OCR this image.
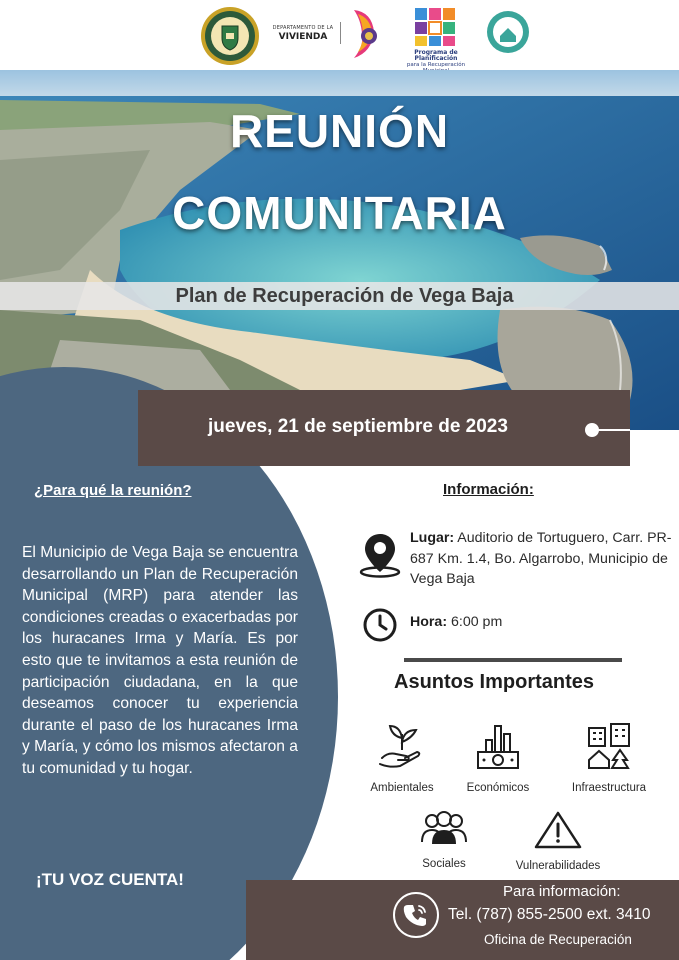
DEPARTAMENTO DE LA
VIVIENDA
Programa de Planificación
para la Recuperación
REUNIÓN
COMUNITARIA
Plan de Recuperación de Vega Baja
jueves, 21 de septiembre de 2023
¿Para qué la reunión?
El Municipio de Vega Baja se encuentra desarrollando un Plan de Recuperación Municipal (MRP) para atender las condiciones creadas o exacerbadas por los huracanes Irma y María. Es por esto que te invitamos a esta reunión de participación ciudadana, en la que deseamos conocer tu experiencia durante el paso de los huracanes Irma y María, y cómo los mismos afectaron a tu comunidad y tu hogar.
¡TU VOZ CUENTA!
Información:
Lugar: Auditorio de Tortuguero, Carr. PR-687 Km. 1.4, Bo. Algarrobo, Municipio de Vega Baja
Hora: 6:00 pm
Asuntos Importantes
Ambientales	Económicos	Infraestructura
Sociales	Vulnerabilidades
Para información:
Tel. (787) 855-2500 ext. 3410
Oficina de Recuperación
